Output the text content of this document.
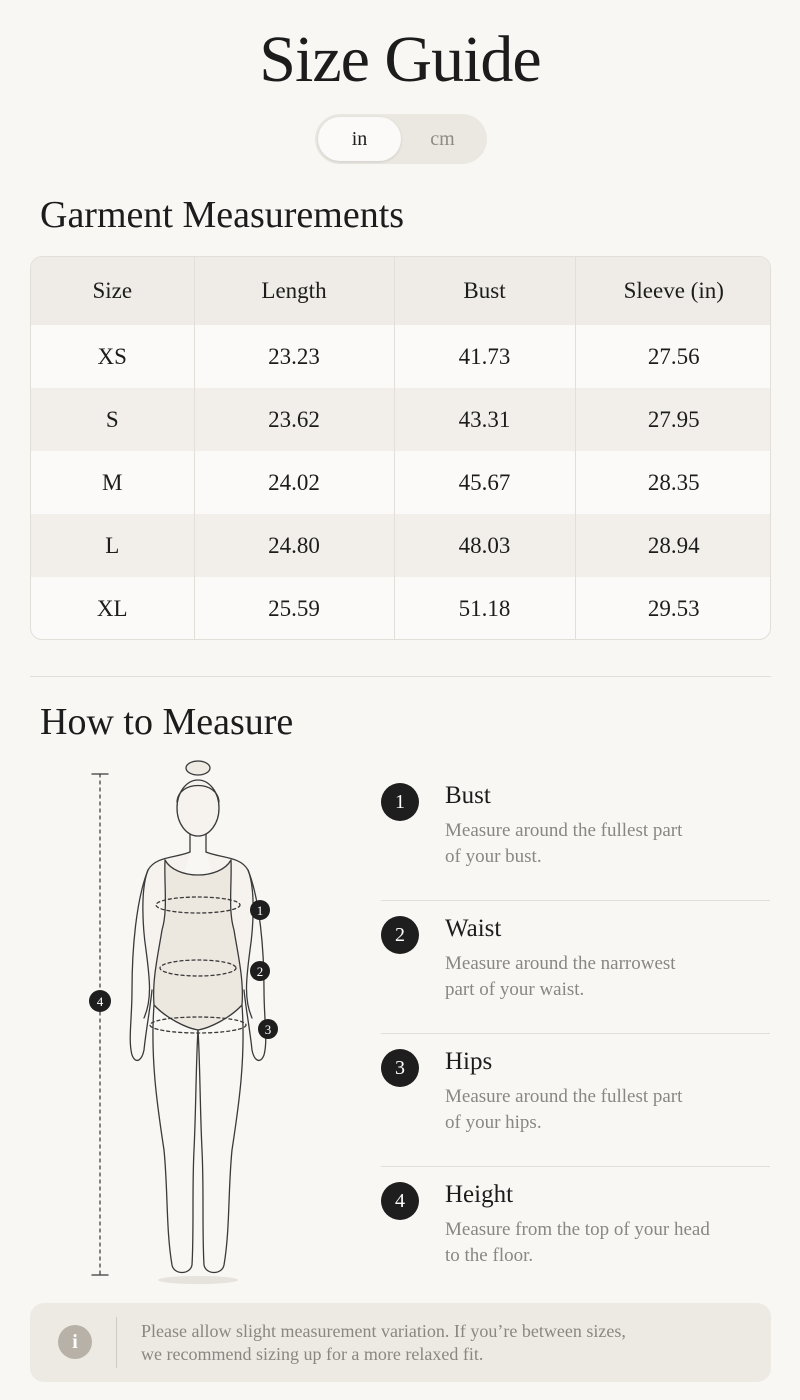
Size Guide
in	cm
Garment Measurements
Size	Length	Bust	Sleeve (in)
XS	23.23	41.73	27.56
S	23.62	43.31	27.95
M	24.02	45.67	28.35
L	24.80	48.03	28.94
XL	25.59	51.18	29.53
How to Measure
1
2
3
4
1	Bust
Measure around the fullest part
of your bust.
2	Waist
Measure around the narrowest
part of your waist.
3	Hips
Measure around the fullest part
of your hips.
4	Height
Measure from the top of your head
to the floor.
i	Please allow slight measurement variation. If you’re between sizes,
we recommend sizing up for a more relaxed fit.
